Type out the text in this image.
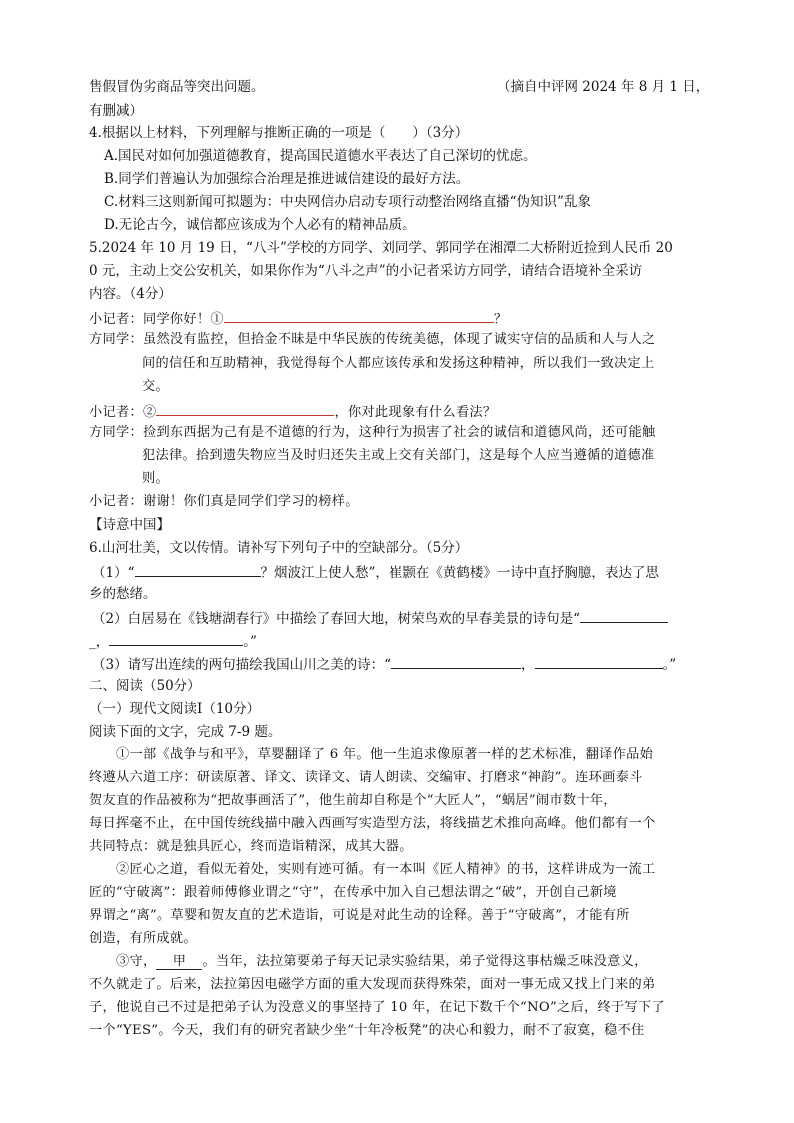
售假冒伪劣商品等突出问题。	（摘自中评网 2024 年 8 月 1 日，
有删减）
4.根据以上材料，下列理解与推断正确的一项是（　　）（3分）
A.国民对如何加强道德教育，提高国民道德水平表达了自己深切的忧虑。
B.同学们普遍认为加强综合治理是推进诚信建设的最好方法。
C.材料三这则新闻可拟题为：中央网信办启动专项行动整治网络直播“伪知识”乱象
D.无论古今，诚信都应该成为个人必有的精神品质。
5.2024 年 10 月 19 日，“八斗”学校的方同学、刘同学、郭同学在湘潭二大桥附近捡到人民币 20
0 元，主动上交公安机关，如果你作为“八斗之声”的小记者采访方同学，请结合语境补全采访
内容。（4分）
小记者：同学你好！①	？
方同学：虽然没有监控，但拾金不昧是中华民族的传统美德，体现了诚实守信的品质和人与人之
间的信任和互助精神，我觉得每个人都应该传承和发扬这种精神，所以我们一致决定上
交。
小记者：②	，你对此现象有什么看法？
方同学：捡到东西据为己有是不道德的行为，这种行为损害了社会的诚信和道德风尚，还可能触
犯法律。拾到遗失物应当及时归还失主或上交有关部门，这是每个人应当遵循的道德准
则。
小记者：谢谢！你们真是同学们学习的榜样。
【诗意中国】
6.山河壮美，文以传情。请补写下列句子中的空缺部分。（5分）
（1）“	？烟波江上使人愁”，崔颢在《黄鹤楼》一诗中直抒胸臆，表达了思
乡的愁绪。
（2）白居易在《钱塘湖春行》中描绘了春回大地，树荣鸟欢的早春美景的诗句是“
_，	。”
（3）请写出连续的两句描绘我国山川之美的诗：“	，	。”
二、阅读（50分）
（一）现代文阅读Ⅰ（10分）
阅读下面的文字，完成 7-9 题。
①一部《战争与和平》，草婴翻译了 6 年。他一生追求像原著一样的艺术标准，翻译作品始
终遵从六道工序：研读原著、译文、读译文、请人朗读、交编审、打磨求“神韵”。连环画泰斗
贺友直的作品被称为“把故事画活了”，他生前却自称是个“大匠人”，“蜗居”闹市数十年，
每日挥毫不止，在中国传统线描中融入西画写实造型方法，将线描艺术推向高峰。他们都有一个
共同特点：就是独具匠心，终而造诣精深，成其大器。
②匠心之道，看似无着处，实则有迹可循。有一本叫《匠人精神》的书，这样讲成为一流工
匠的“守破离”：跟着师傅修业谓之“守”，在传承中加入自己想法谓之“破”，开创自己新境
界谓之“离”。草婴和贺友直的艺术造诣，可说是对此生动的诠释。善于“守破离”，才能有所
创造，有所成就。
③守， 甲 。当年，法拉第要弟子每天记录实验结果，弟子觉得这事枯燥乏味没意义，
不久就走了。后来，法拉第因电磁学方面的重大发现而获得殊荣，面对一事无成又找上门来的弟
子，他说自己不过是把弟子认为没意义的事坚持了 10 年，在记下数千个“NO”之后，终于写下了
一个“YES”。今天，我们有的研究者缺少坐“十年冷板凳”的决心和毅力，耐不了寂寞，稳不住
